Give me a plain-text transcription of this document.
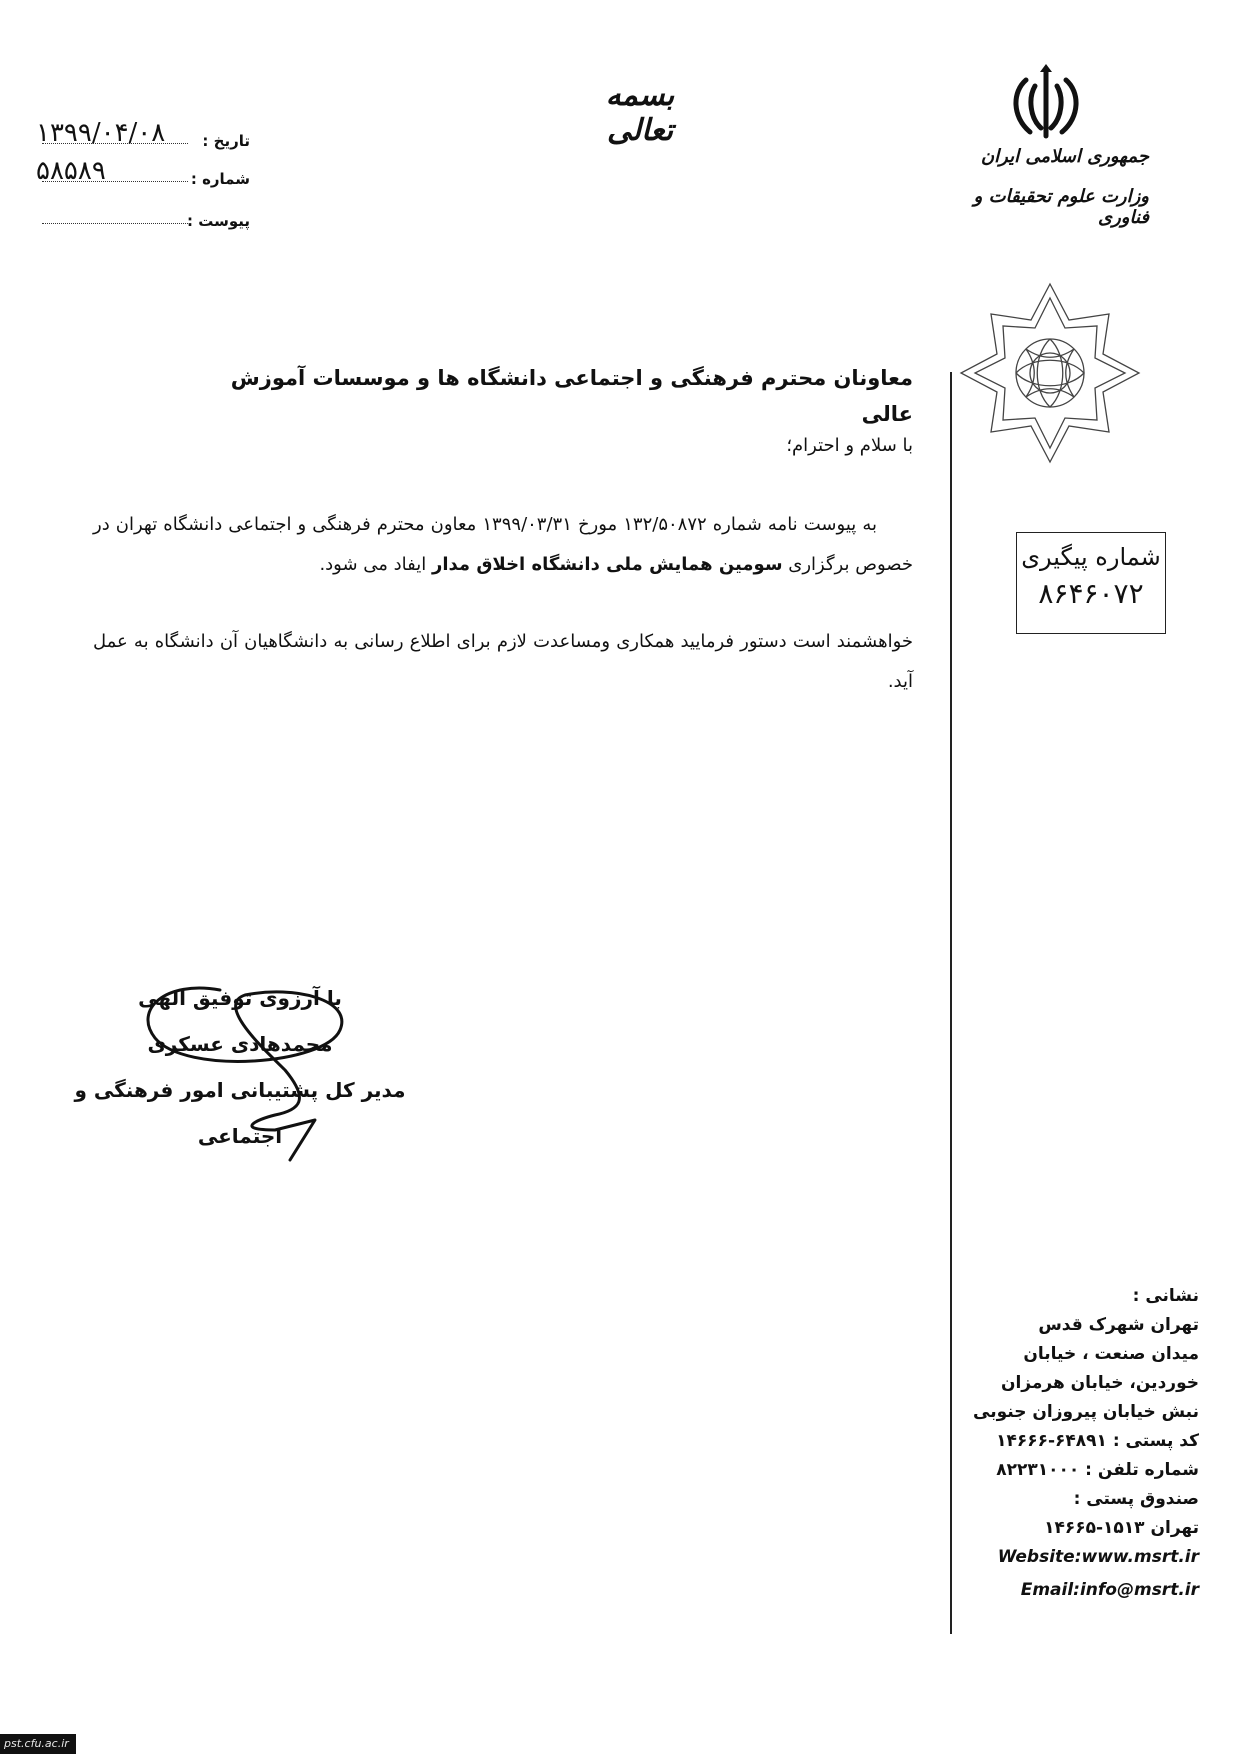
بسمه تعالی
جمهوری اسلامی ایران
وزارت علوم تحقیقات و فناوری
تاریخ :
۱۳۹۹/۰۴/۰۸
شماره :
۵۸۵۸۹
پیوست :
شماره پیگیری
۸۶۴۶۰۷۲
معاونان محترم فرهنگی و اجتماعی دانشگاه ها و موسسات آموزش
عالی
با سلام و احترام؛
به پیوست نامه شماره ۱۳۲/۵۰۸۷۲ مورخ ۱۳۹۹/۰۳/۳۱ معاون محترم فرهنگی و اجتماعی دانشگاه تهران در خصوص برگزاری سومین همایش ملی دانشگاه اخلاق مدار ایفاد می شود.
خواهشمند است دستور فرمایید همکاری ومساعدت لازم برای اطلاع رسانی به دانشگاهیان آن دانشگاه به عمل آید.
با آرزوی توفیق الهی
محمدهادی عسکری
مدیر کل پشتیبانی امور فرهنگی و اجتماعی
نشانی :
تهران شهرک قدس
میدان صنعت ، خیابان
خوردین، خیابان هرمزان
نبش خیابان پیروزان جنوبی
کد پستی : ۶۴۸۹۱-۱۴۶۶۶
شماره تلفن : ۸۲۲۳۱۰۰۰
صندوق پستی :
تهران ۱۵۱۳-۱۴۶۶۵
Website:www.msrt.ir
Email:info@msrt.ir
pst.cfu.ac.ir
